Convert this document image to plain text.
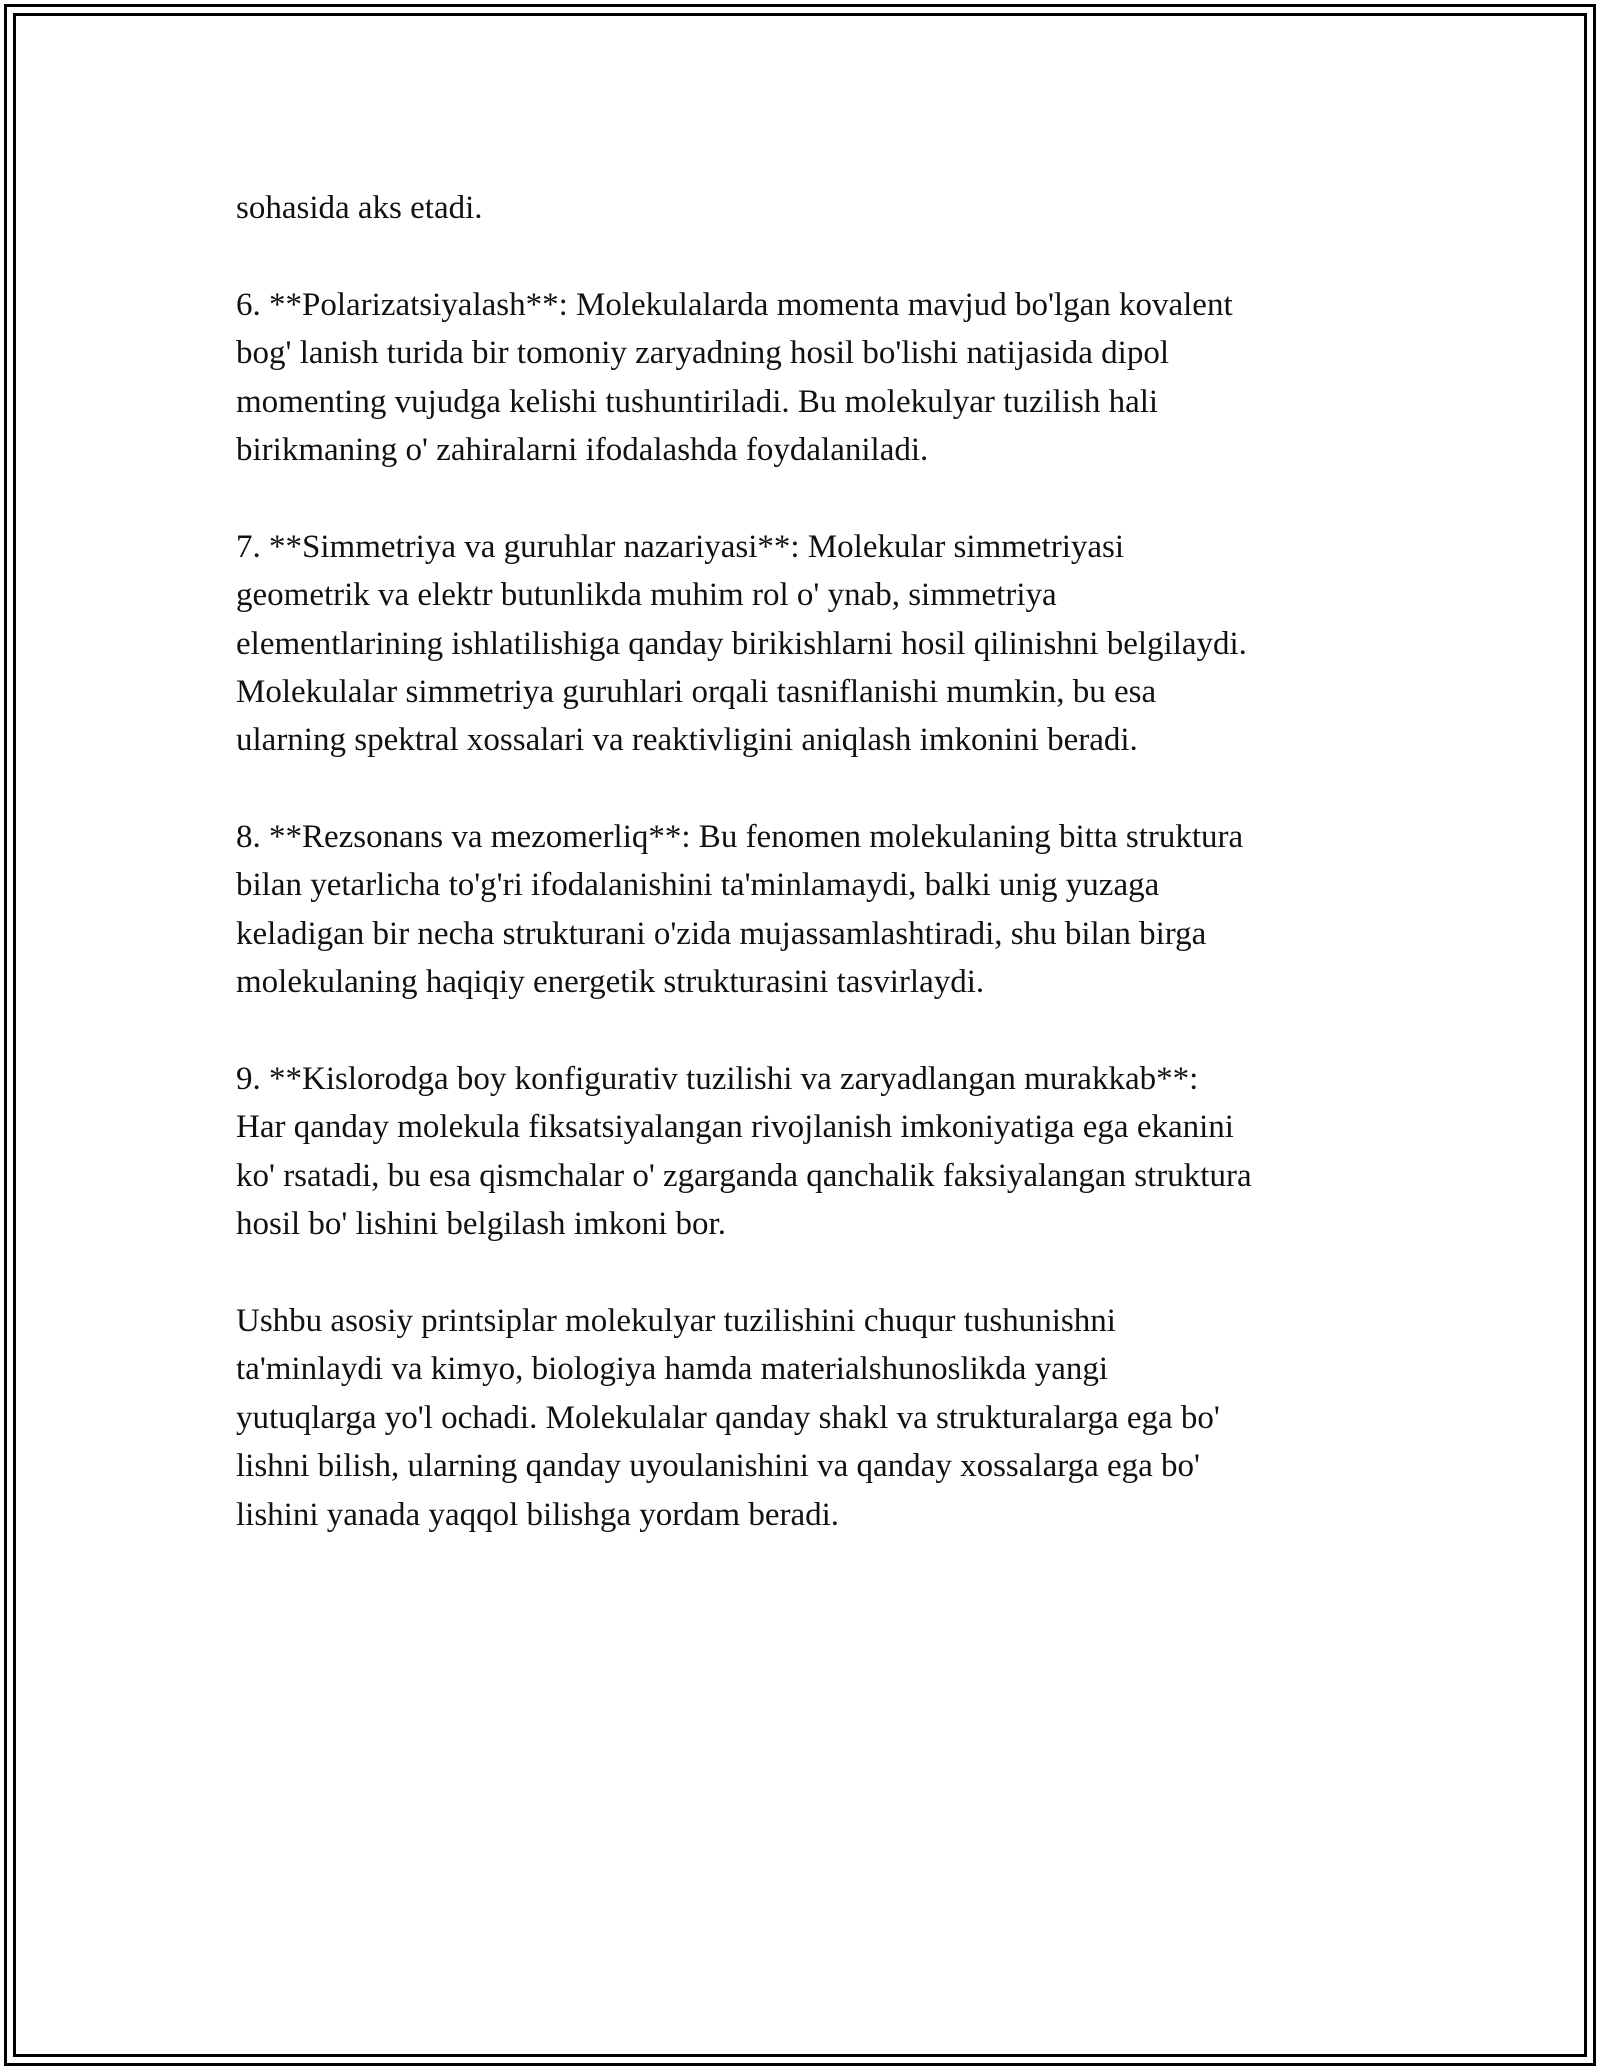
sohasida aks etadi.
6. **Polarizatsiyalash**: Molekulalarda momenta mavjud bo'lgan kovalent
bog' lanish turida bir tomoniy zaryadning hosil bo'lishi natijasida dipol
momenting vujudga kelishi tushuntiriladi. Bu molekulyar tuzilish hali
birikmaning o' zahiralarni ifodalashda foydalaniladi.
7. **Simmetriya va guruhlar nazariyasi**: Molekular simmetriyasi
geometrik va elektr butunlikda muhim rol o' ynab, simmetriya
elementlarining ishlatilishiga qanday birikishlarni hosil qilinishni belgilaydi.
Molekulalar simmetriya guruhlari orqali tasniflanishi mumkin, bu esa
ularning spektral xossalari va reaktivligini aniqlash imkonini beradi.
8. **Rezsonans va mezomerliq**: Bu fenomen molekulaning bitta struktura
bilan yetarlicha to'g'ri ifodalanishini ta'minlamaydi, balki unig yuzaga
keladigan bir necha strukturani o'zida mujassamlashtiradi, shu bilan birga
molekulaning haqiqiy energetik strukturasini tasvirlaydi.
9. **Kislorodga boy konfigurativ tuzilishi va zaryadlangan murakkab**:
Har qanday molekula fiksatsiyalangan rivojlanish imkoniyatiga ega ekanini
ko' rsatadi, bu esa qismchalar o' zgarganda qanchalik faksiyalangan struktura
hosil bo' lishini belgilash imkoni bor.
Ushbu asosiy printsiplar molekulyar tuzilishini chuqur tushunishni
ta'minlaydi va kimyo, biologiya hamda materialshunoslikda yangi
yutuqlarga yo'l ochadi. Molekulalar qanday shakl va strukturalarga ega bo'
lishni bilish, ularning qanday uyoulanishini va qanday xossalarga ega bo'
lishini yanada yaqqol bilishga yordam beradi.
